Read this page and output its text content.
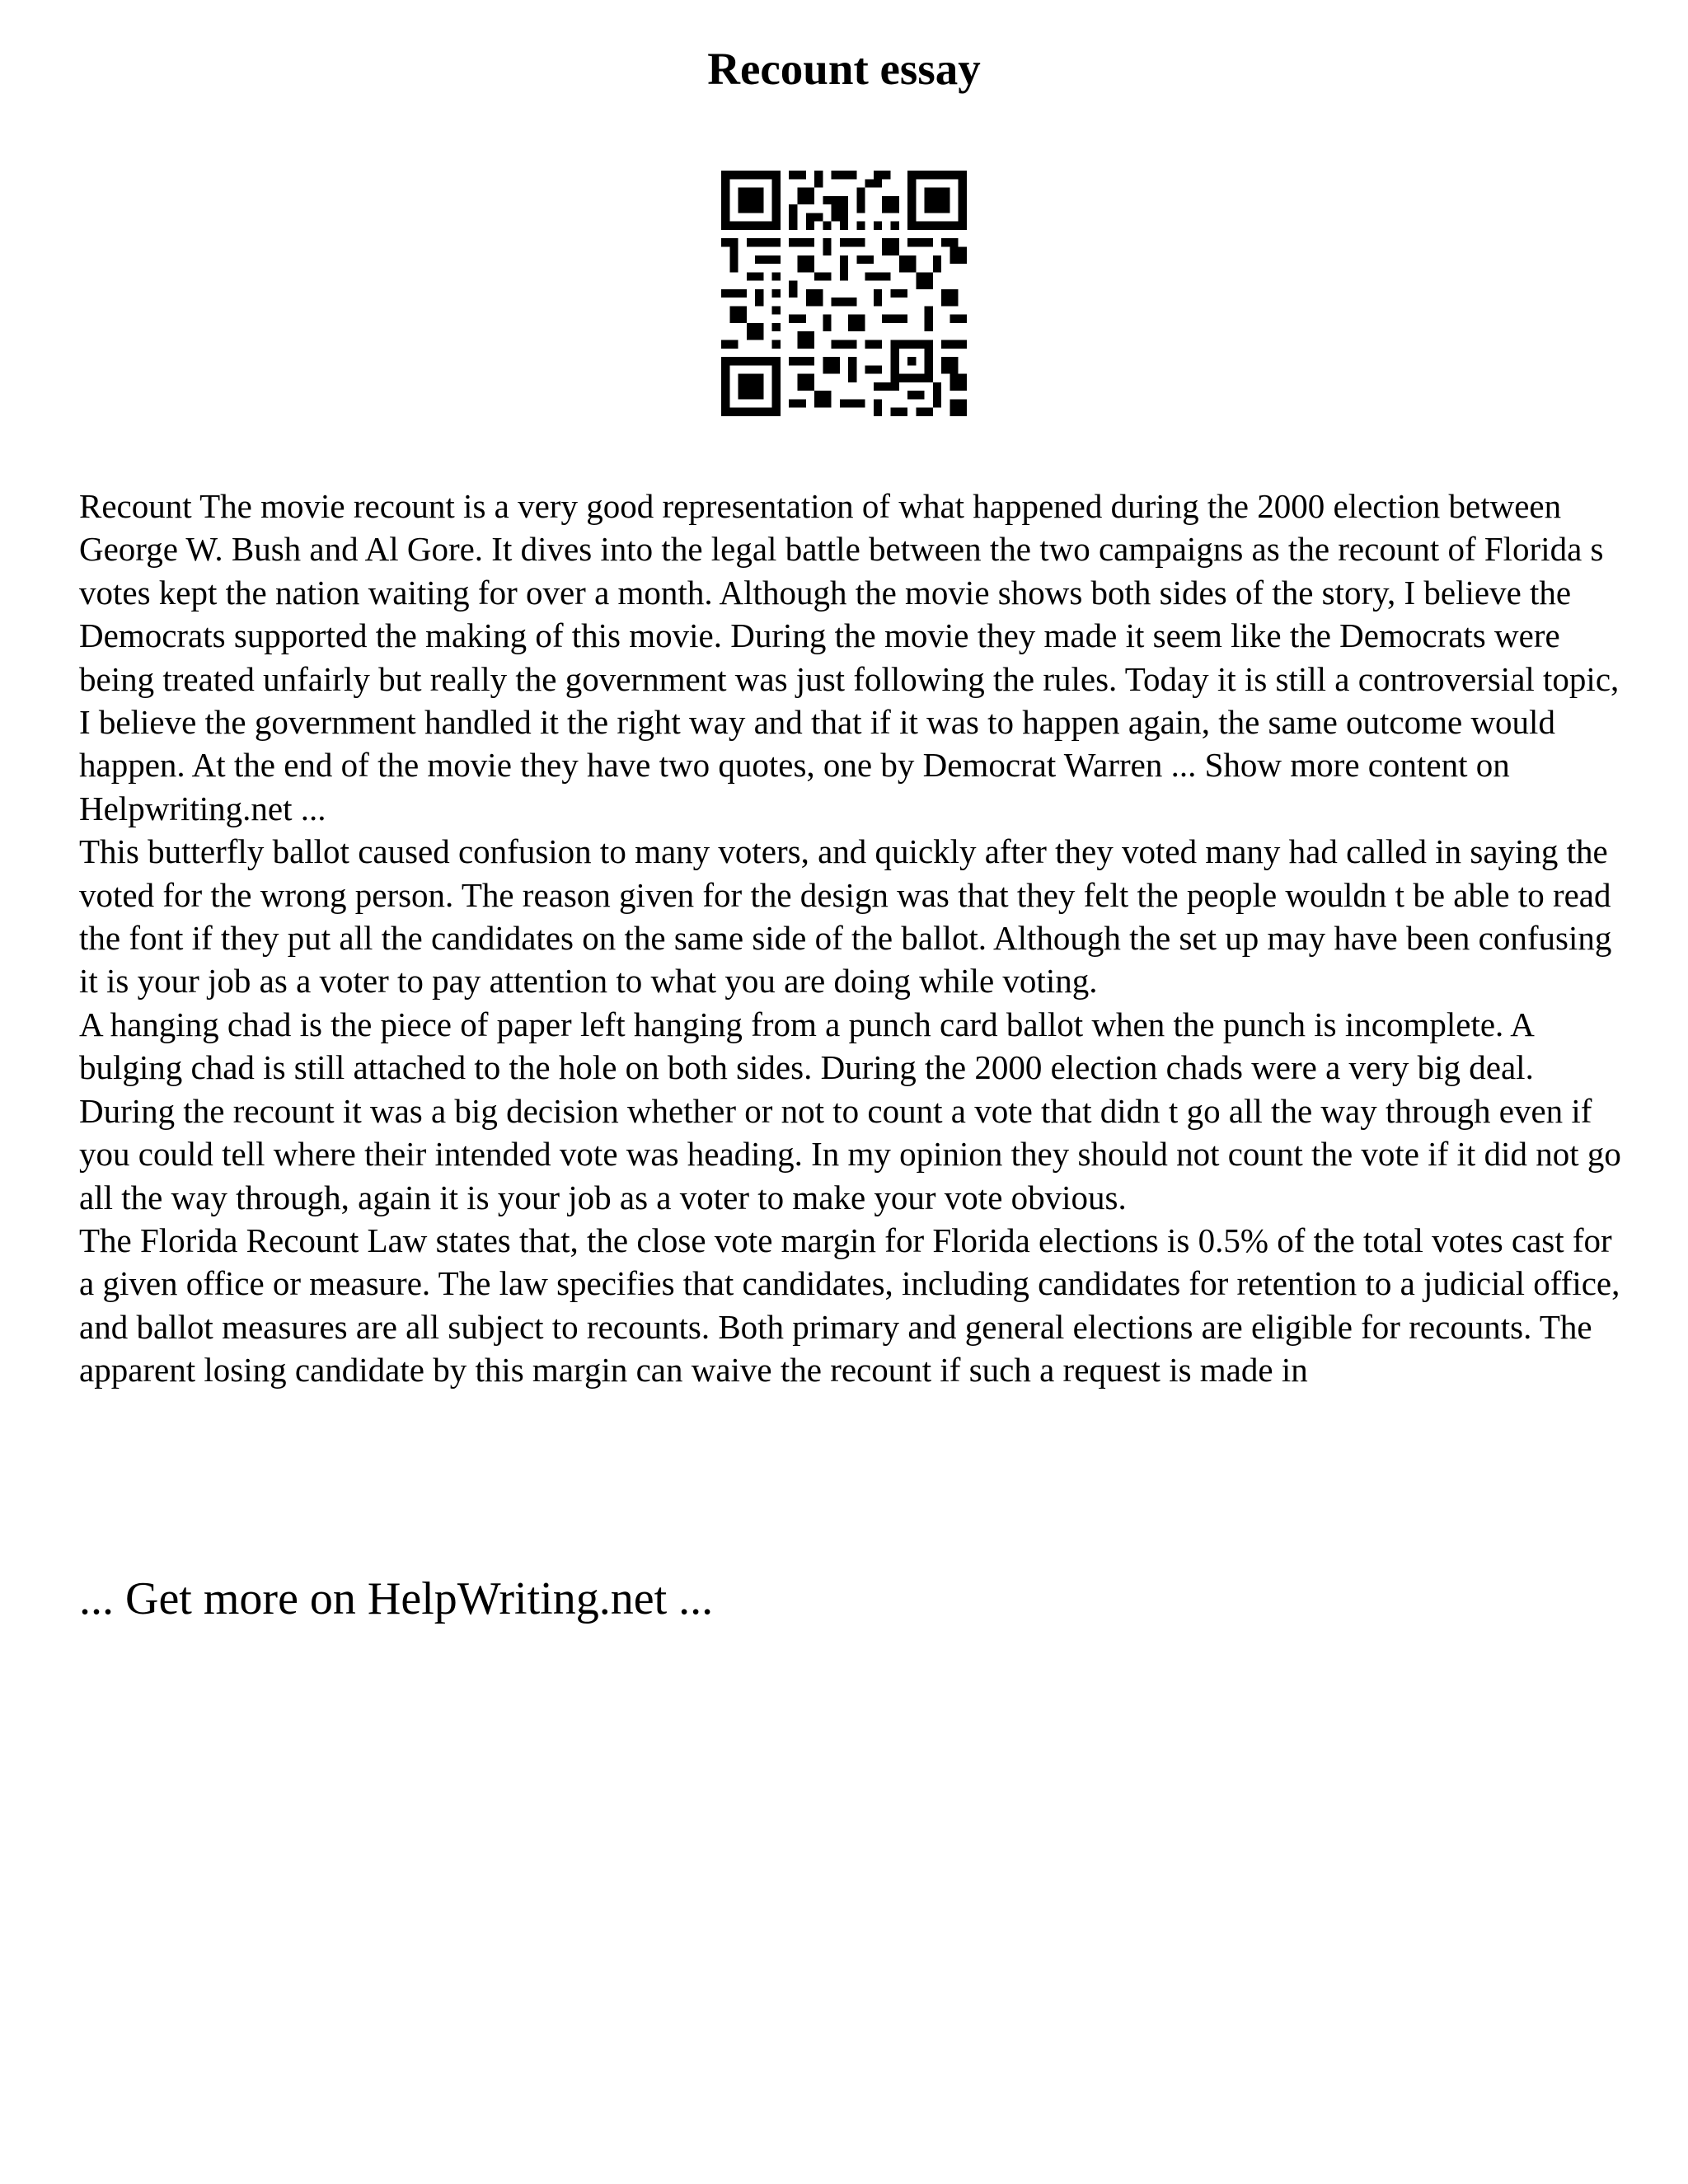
Recount essay

Recount The movie recount is a very good representation of what happened during the 2000 election between George W. Bush and Al Gore. It dives into the legal battle between the two campaigns as the recount of Florida s votes kept the nation waiting for over a month. Although the movie shows both sides of the story, I believe the Democrats supported the making of this movie. During the movie they made it seem like the Democrats were being treated unfairly but really the government was just following the rules. Today it is still a controversial topic, I believe the government handled it the right way and that if it was to happen again, the same outcome would happen. At the end of the movie they have two quotes, one by Democrat Warren ... Show more content on Helpwriting.net ...

This butterfly ballot caused confusion to many voters, and quickly after they voted many had called in saying the voted for the wrong person. The reason given for the design was that they felt the people wouldn t be able to read the font if they put all the candidates on the same side of the ballot. Although the set up may have been confusing it is your job as a voter to pay attention to what you are doing while voting.

A hanging chad is the piece of paper left hanging from a punch card ballot when the punch is incomplete. A bulging chad is still attached to the hole on both sides. During the 2000 election chads were a very big deal. During the recount it was a big decision whether or not to count a vote that didn t go all the way through even if you could tell where their intended vote was heading. In my opinion they should not count the vote if it did not go all the way through, again it is your job as a voter to make your vote obvious.

The Florida Recount Law states that, the close vote margin for Florida elections is 0.5% of the total votes cast for a given office or measure. The law specifies that candidates, including candidates for retention to a judicial office, and ballot measures are all subject to recounts. Both primary and general elections are eligible for recounts. The apparent losing candidate by this margin can waive the recount if such a request is made in

... Get more on HelpWriting.net ...
